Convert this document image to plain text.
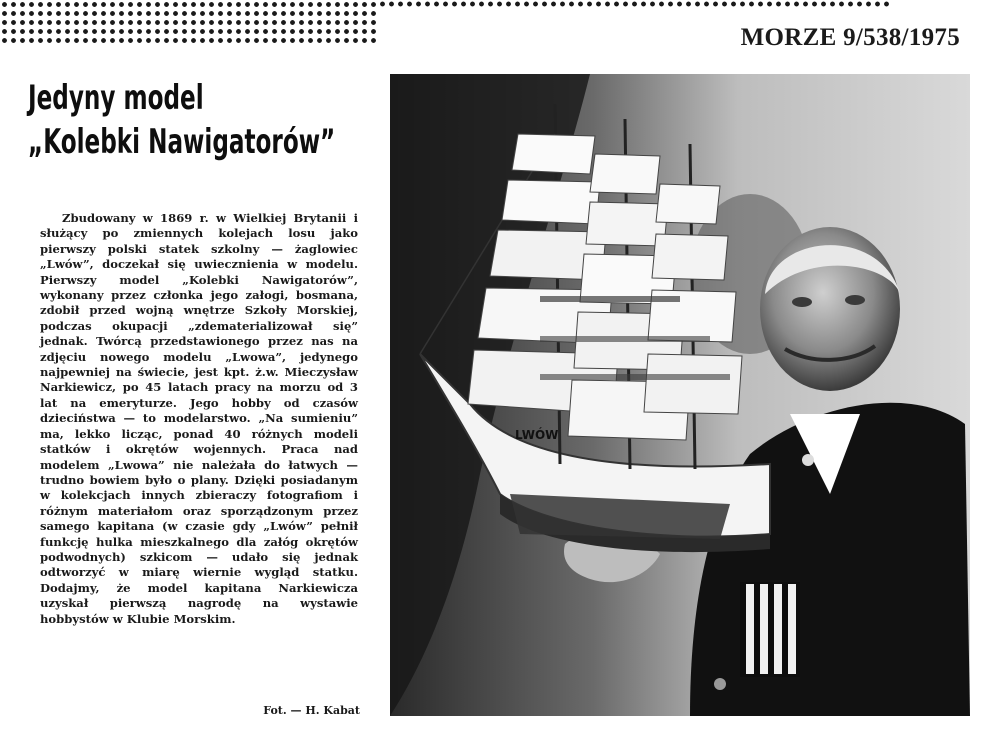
MORZE 9/538/1975
Jedyny model
„Kolebki Nawigatorów”

Zbudowany w 1869 r. w Wielkiej Brytanii i służący po zmiennych kolejach losu jako pierwszy polski statek szkolny — żaglowiec „Lwów”, doczekał się uwiecznienia w modelu. Pierwszy model „Kolebki Nawigatorów”, wykonany przez członka jego załogi, bosmana, zdobił przed wojną wnętrze Szkoły Morskiej, podczas okupacji „zdematerializował się” jednak. Twórcą przedstawionego przez nas na zdjęciu nowego modelu „Lwowa”, jedynego najpewniej na świecie, jest kpt. ż.w. Mieczysław Narkiewicz, po 45 latach pracy na morzu od 3 lat na emeryturze. Jego hobby od czasów dzieciństwa — to modelarstwo. „Na sumieniu” ma, lekko licząc, ponad 40 różnych modeli statków i okrętów wojennych. Praca nad modelem „Lwowa” nie należała do łatwych — trudno bowiem było o plany. Dzięki posiadanym w kolekcjach innych zbieraczy fotografiom i różnym materiałom oraz sporządzonym przez samego kapitana (w czasie gdy „Lwów” pełnił funkcję hulka mieszkalnego dla załóg okrętów podwodnych) szkicom — udało się jednak odtworzyć w miarę wiernie wygląd statku. Dodajmy, że model kapitana Narkiewicza uzyskał pierwszą nagrodę na wystawie hobbystów w Klubie Morskim.

Fot. — H. Kabat
LWÓW
